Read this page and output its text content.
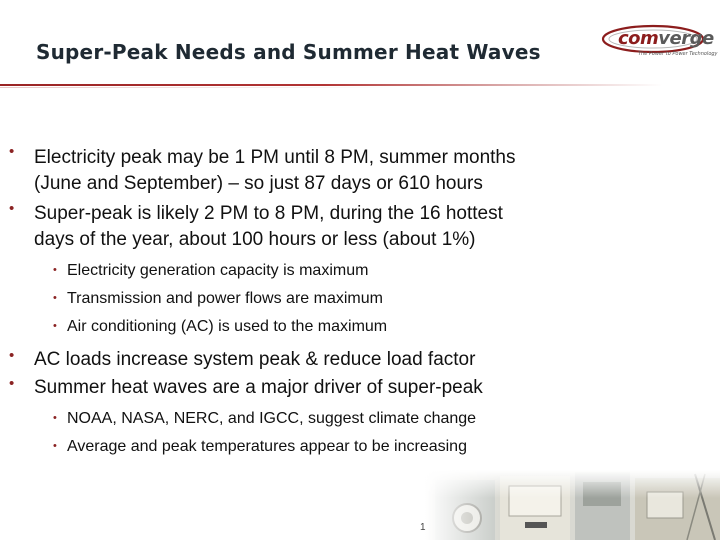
Super-Peak Needs and Summer Heat Waves
comverge
The Power to Power Technology
• Electricity peak may be 1 PM until 8 PM, summer months
(June and September) – so just 87 days or 610 hours
• Super-peak is likely 2 PM to 8 PM, during the 16 hottest
days of the year, about 100 hours or less (about 1%)
• Electricity generation capacity is maximum
• Transmission and power flows are maximum
• Air conditioning (AC) is used to the maximum
• AC loads increase system peak & reduce load factor
• Summer heat waves are a major driver of super-peak
• NOAA, NASA, NERC, and IGCC, suggest climate change
• Average and peak temperatures appear to be increasing
1
